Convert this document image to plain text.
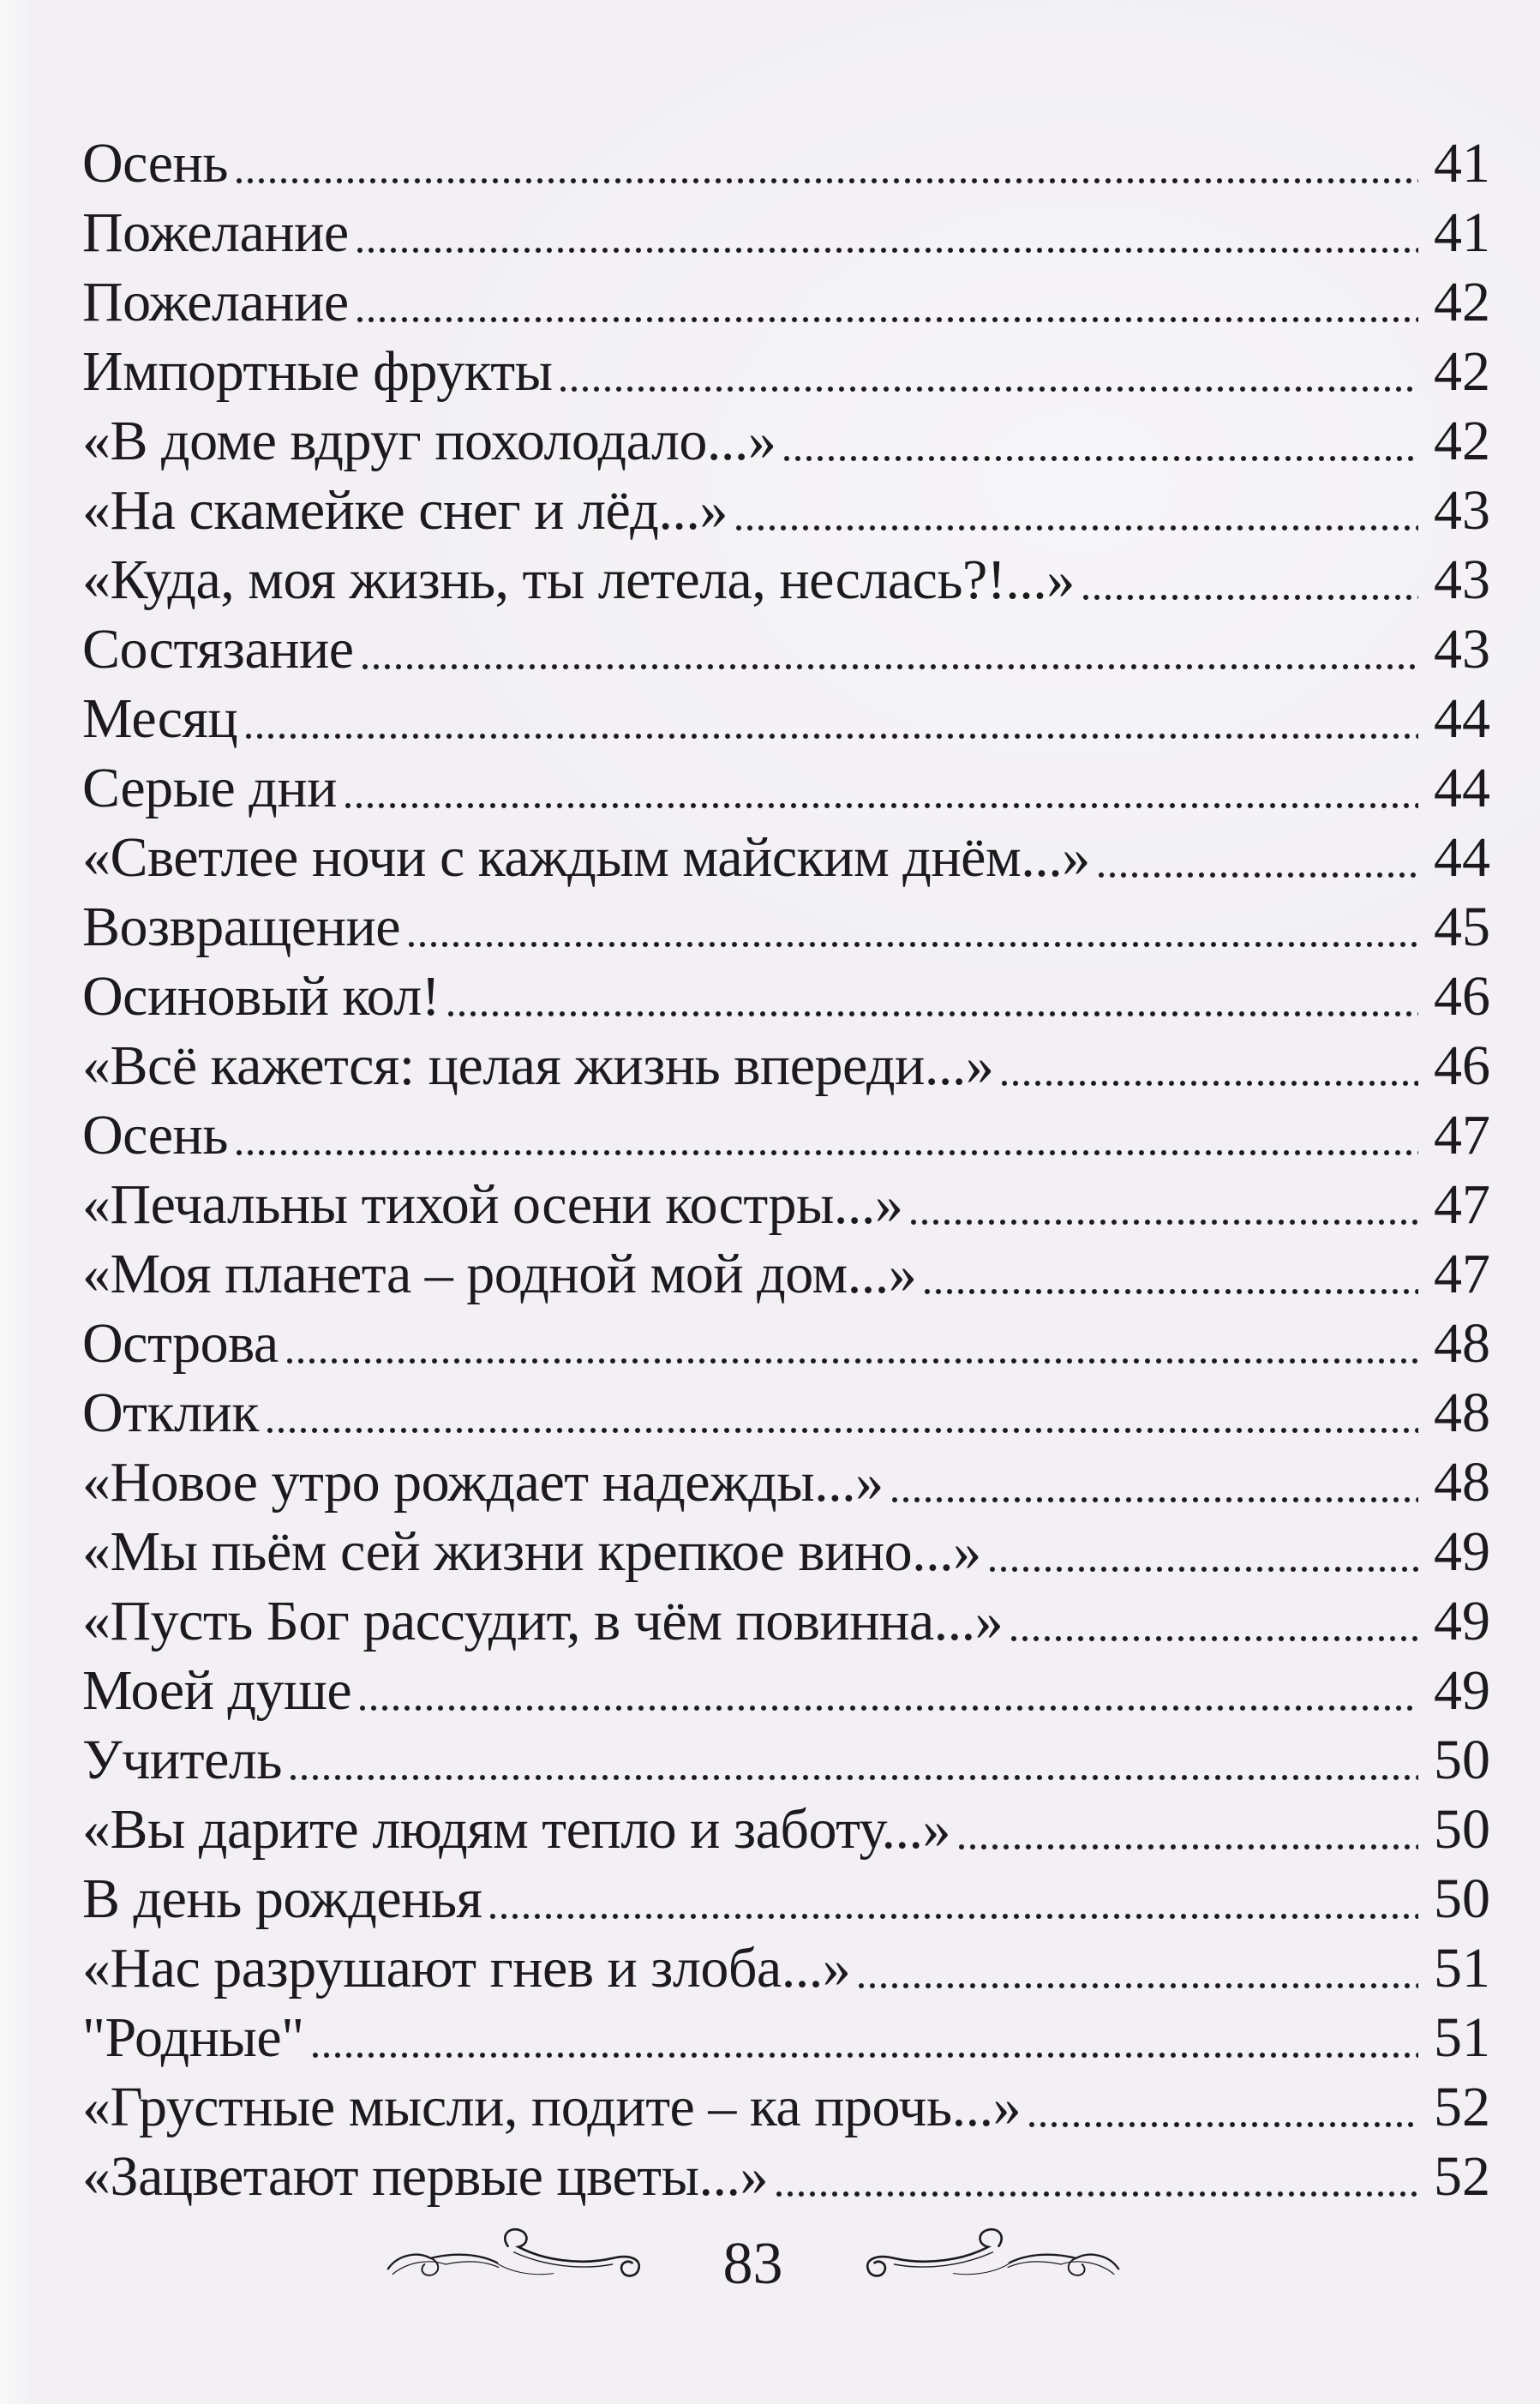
Осень	41
Пожелание	41
Пожелание	42
Импортные фрукты	42
«В доме вдруг похолодало...»	42
«На скамейке снег и лёд...»	43
«Куда, моя жизнь, ты летела, неслась?!...»	43
Состязание	43
Месяц	44
Серые дни	44
«Светлее ночи с каждым майским днём...»	44
Возвращение	45
Осиновый кол!	46
«Всё кажется: целая жизнь впереди...»	46
Осень	47
«Печальны тихой осени костры...»	47
«Моя планета – родной мой дом...»	47
Острова	48
Отклик	48
«Новое утро рождает надежды...»	48
«Мы пьём сей жизни крепкое вино...»	49
«Пусть Бог рассудит, в чём повинна...»	49
Моей душе	49
Учитель	50
«Вы дарите людям тепло и заботу...»	50
В день рожденья	50
«Нас разрушают гнев и злоба...»	51
"Родные"	51
«Грустные мысли, подите – ка прочь...»	52
«Зацветают первые цветы...»	52
83
